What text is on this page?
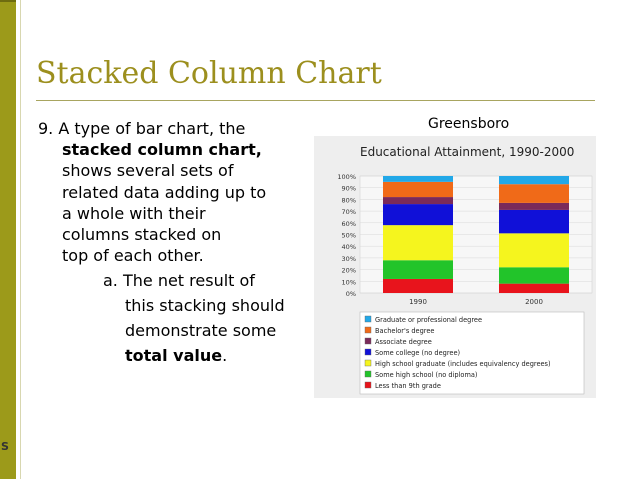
S
Stacked Column Chart
9. A type of bar chart, the
stacked column chart,
shows several sets of
related data adding up to
a whole with their
columns stacked on
top of each other.
a. The net result of
this stacking should
demonstrate some
total value.
Greensboro
Educational Attainment, 1990-2000
0%
10%
20%
30%
40%
50%
60%
70%
80%
90%
100%
1990	2000
Graduate or professional degree
Bachelor's degree
Associate degree
Some college (no degree)
High school graduate (includes equivalency degrees)
Some high school (no diploma)
Less than 9th grade
